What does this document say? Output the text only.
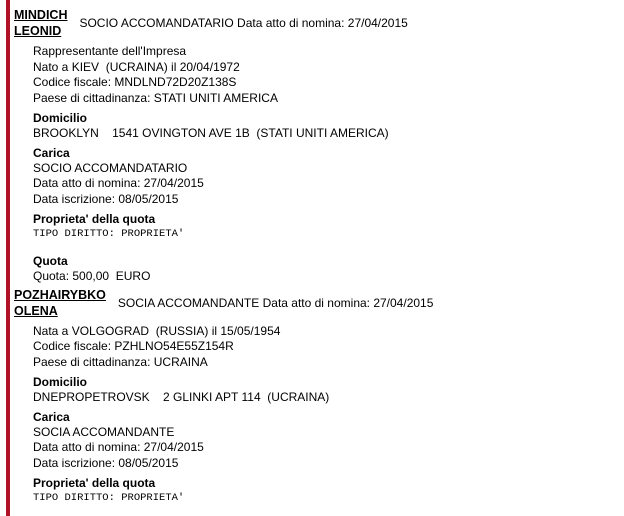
MINDICH
LEONID
SOCIO ACCOMANDATARIO Data atto di nomina: 27/04/2015
Rappresentante dell'Impresa
Nato a KIEV  (UCRAINA) il 20/04/1972
Codice fiscale: MNDLND72D20Z138S
Paese di cittadinanza: STATI UNITI AMERICA
Domicilio
BROOKLYN    1541 OVINGTON AVE 1B  (STATI UNITI AMERICA)
Carica
SOCIO ACCOMANDATARIO
Data atto di nomina: 27/04/2015
Data iscrizione: 08/05/2015
Proprieta' della quota
TIPO DIRITTO: PROPRIETA'
Quota
Quota: 500,00  EURO
POZHAIRYBKO
OLENA
SOCIA ACCOMANDANTE Data atto di nomina: 27/04/2015
Nata a VOLGOGRAD  (RUSSIA) il 15/05/1954
Codice fiscale: PZHLNO54E55Z154R
Paese di cittadinanza: UCRAINA
Domicilio
DNEPROPETROVSK    2 GLINKI APT 114  (UCRAINA)
Carica
SOCIA ACCOMANDANTE
Data atto di nomina: 27/04/2015
Data iscrizione: 08/05/2015
Proprieta' della quota
TIPO DIRITTO: PROPRIETA'
